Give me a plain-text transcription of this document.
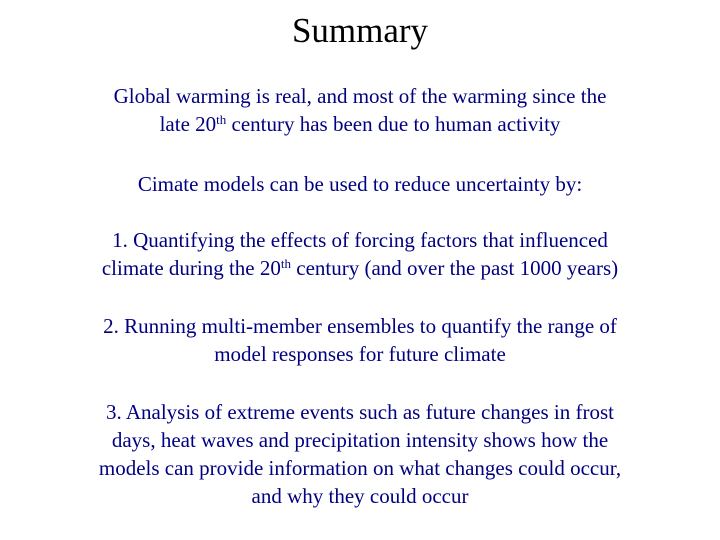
Summary
Global warming is real, and most of the warming since the
late 20th century has been due to human activity
Cimate models can be used to reduce uncertainty by:
1. Quantifying the effects of forcing factors that influenced
climate during the 20th century (and over the past 1000 years)
2. Running multi-member ensembles to quantify the range of
model responses for future climate
3. Analysis of extreme events such as future changes in frost
days, heat waves and precipitation intensity shows how the
models can provide information on what changes could occur,
and why they could occur
